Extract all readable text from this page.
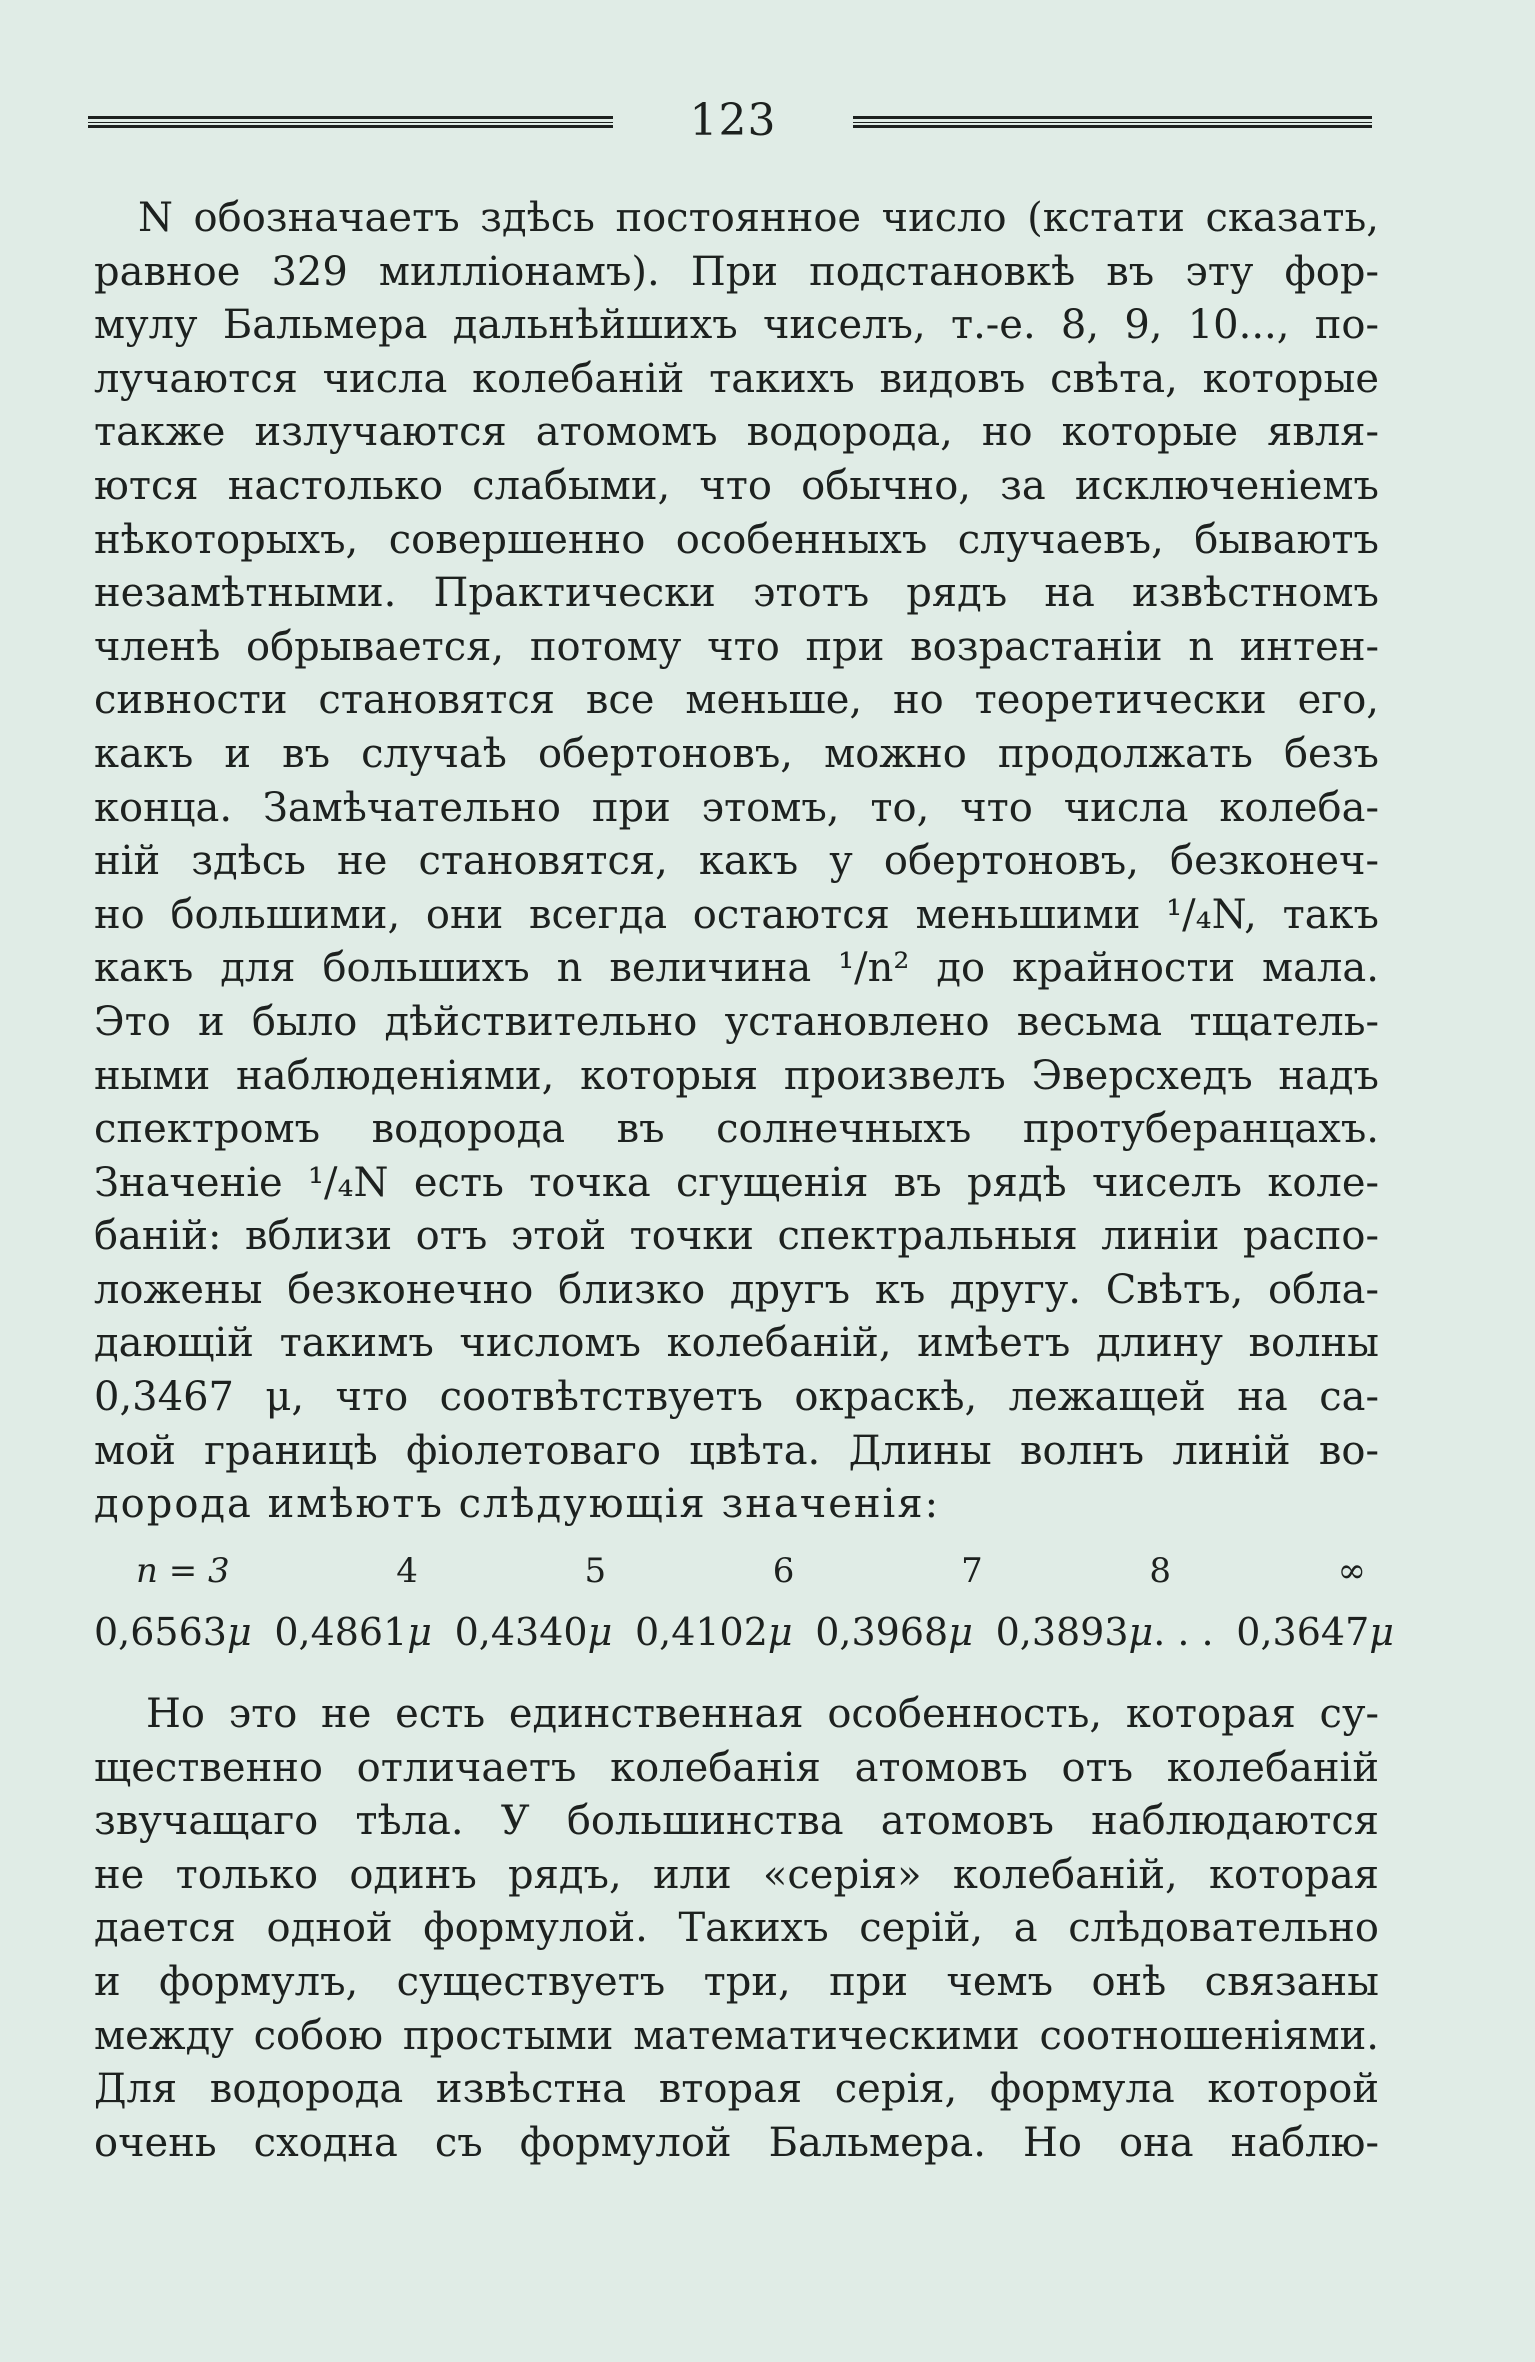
123
N обозначаетъ здѣсь постоянное число (кстати сказать,
равное 329 милліонамъ). При подстановкѣ въ эту фор-
мулу Бальмера дальнѣйшихъ чиселъ, т.-е. 8, 9, 10..., по-
лучаются числа колебаній такихъ видовъ свѣта, которые
также излучаются атомомъ водорода, но которые явля-
ются настолько слабыми, что обычно, за исключеніемъ
нѣкоторыхъ, совершенно особенныхъ случаевъ, бываютъ
незамѣтными. Практически этотъ рядъ на извѣстномъ
членѣ обрывается, потому что при возрастаніи n интен-
сивности становятся все меньше, но теоретически его,
какъ и въ случаѣ обертоновъ, можно продолжать безъ
конца. Замѣчательно при этомъ, то, что числа колеба-
ній здѣсь не становятся, какъ у обертоновъ, безконеч-
но большими, они всегда остаются меньшими ¹/₄N, такъ
какъ для большихъ n величина ¹/n² до крайности мала.
Это и было дѣйствительно установлено весьма тщатель-
ными наблюденіями, которыя произвелъ Эверсхедъ надъ
спектромъ водорода въ солнечныхъ протуберанцахъ.
Значеніе ¹/₄N есть точка сгущенія въ рядѣ чиселъ коле-
баній: вблизи отъ этой точки спектральныя линіи распо-
ложены безконечно близко другъ къ другу. Свѣтъ, обла-
дающій такимъ числомъ колебаній, имѣетъ длину волны
0,3467 μ, что соотвѣтствуетъ окраскѣ, лежащей на са-
мой границѣ фіолетоваго цвѣта. Длины волнъ линій во-
дорода имѣютъ слѣдующія значенія:
n = 3	4	5	6	7	8	∞
0,6563μ 0,4861μ 0,4340μ 0,4102μ 0,3968μ 0,3893μ. . . 0,3647μ
Но это не есть единственная особенность, которая су-
щественно отличаетъ колебанія атомовъ отъ колебаній
звучащаго тѣла. У большинства атомовъ наблюдаются
не только одинъ рядъ, или «серія» колебаній, которая
дается одной формулой. Такихъ серій, а слѣдовательно
и формулъ, существуетъ три, при чемъ онѣ связаны
между собою простыми математическими соотношеніями.
Для водорода извѣстна вторая серія, формула которой
очень сходна съ формулой Бальмера. Но она наблю-
